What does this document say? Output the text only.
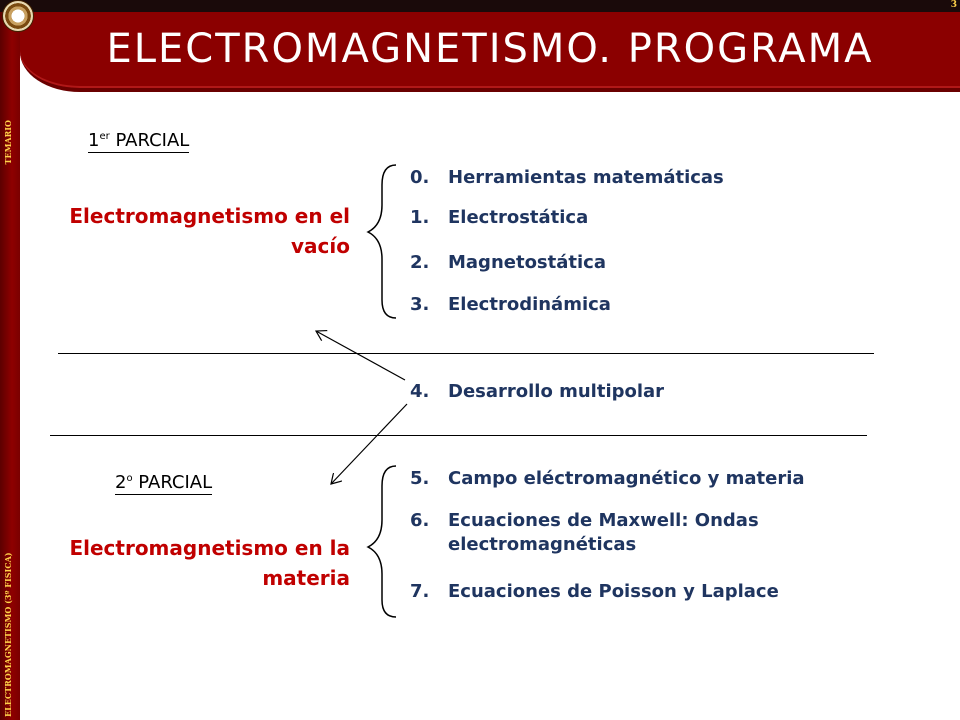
3
ELECTROMAGNETISMO. PROGRAMA
TEMARIO
ELECTROMAGNETISMO (3º FISICA)
1er PARCIAL
Electromagnetismo en el vacío
0. Herramientas matemáticas
1. Electrostática
2. Magnetostática
3. Electrodinámica
4. Desarrollo multipolar
2$^o$ PARCIAL
Electromagnetismo en la materia
5. Campo eléctromagnético y materia
6. Ecuaciones de Maxwell: Ondas
electromagnéticas
7. Ecuaciones de Poisson y Laplace
